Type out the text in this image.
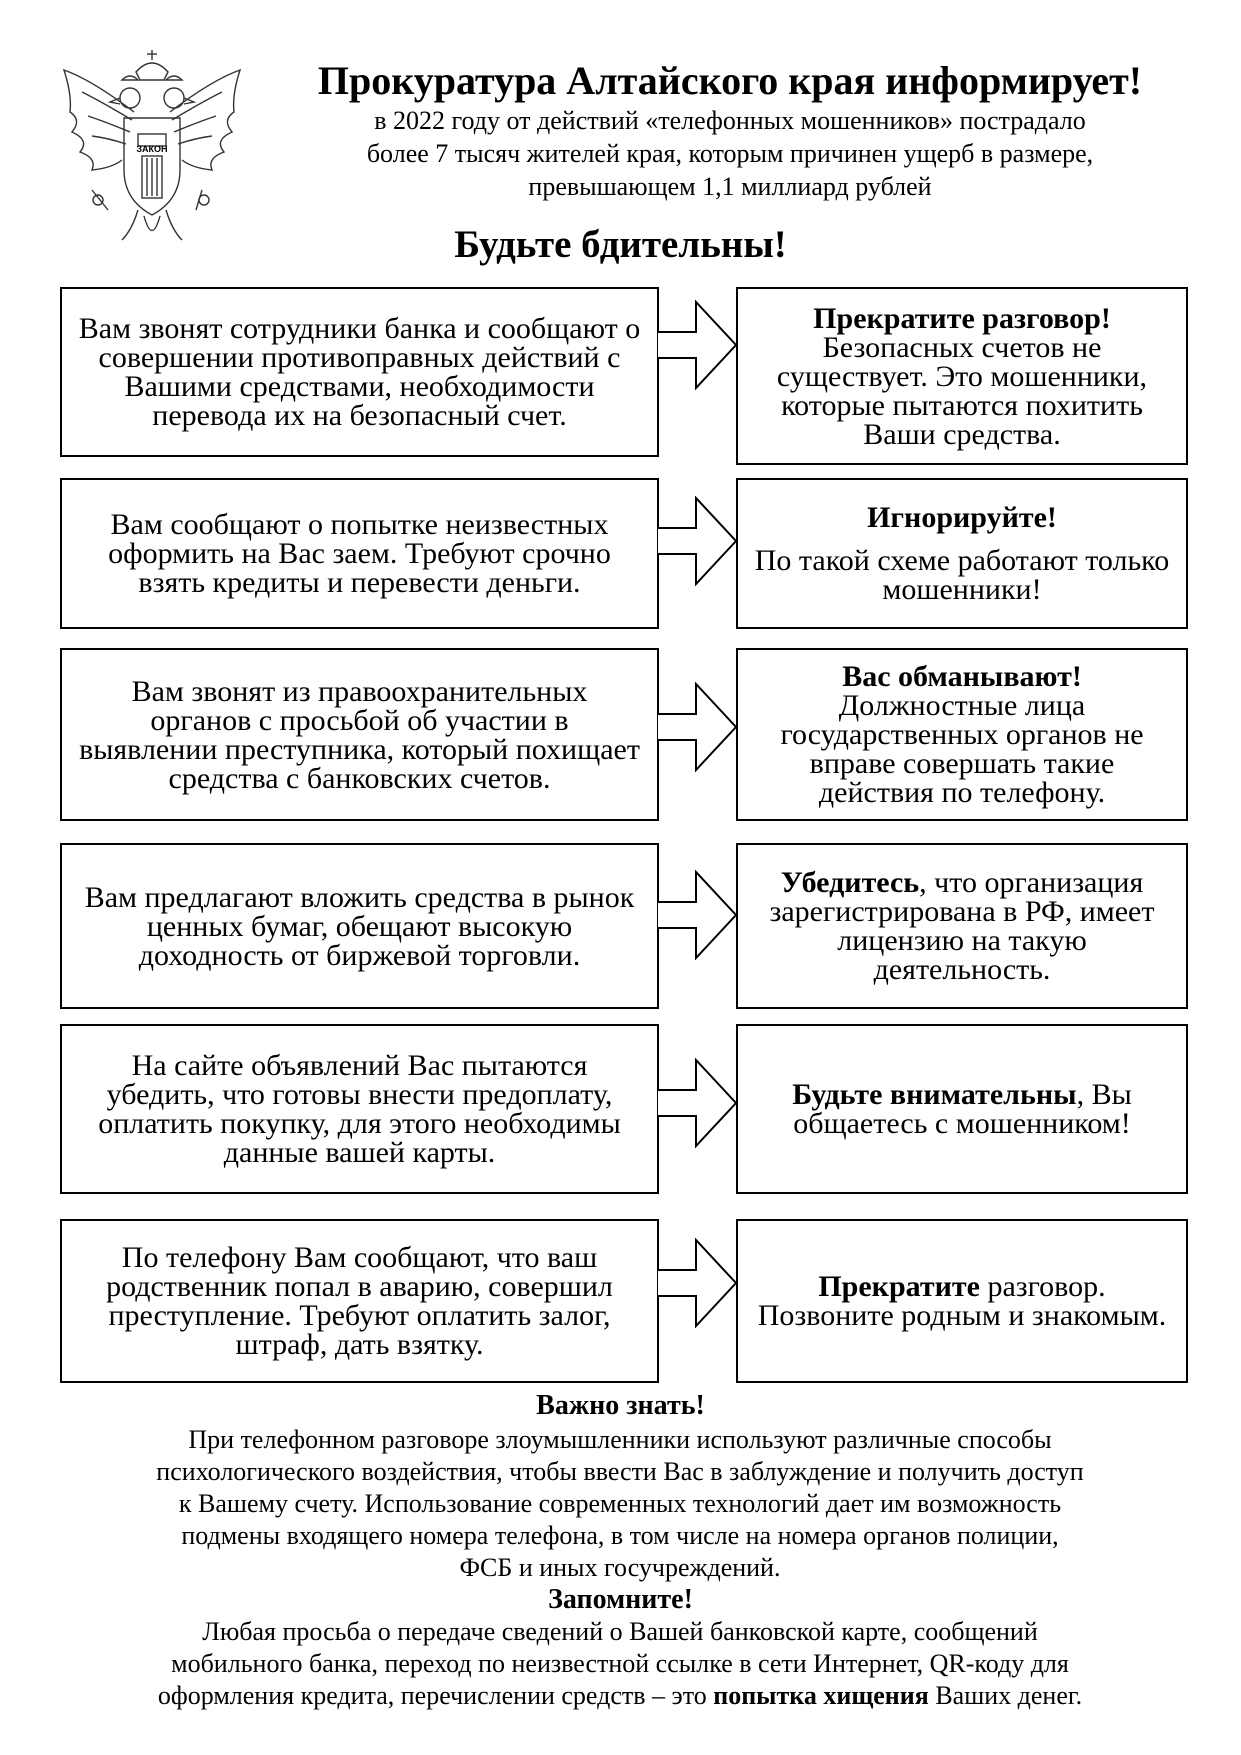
ЗАКОН
Прокуратура Алтайского края информирует!
в 2022 году от действий «телефонных мошенников» пострадало
более 7 тысяч жителей края, которым причинен ущерб в размере,
превышающем 1,1 миллиард рублей
Будьте бдительны!
Вам звонят сотрудники банка и сообщают о совершении противоправных действий с Вашими средствами, необходимости перевода их на безопасный счет.
Прекратите разговор!
Безопасных счетов не существует. Это мошенники, которые пытаются похитить Ваши средства.
Вам сообщают о попытке неизвестных оформить на Вас заем. Требуют срочно взять кредиты и перевести деньги.

Игнорируйте!

По такой схеме работают только мошенники!

Вам звонят из правоохранительных органов с просьбой об участии в выявлении преступника, который похищает средства с банковских счетов.
Вас обманывают!
Должностные лица государственных органов не вправе совершать такие действия по телефону.
Вам предлагают вложить средства в рынок ценных бумаг, обещают высокую доходность от биржевой торговли.
Убедитесь, что организация зарегистрирована в РФ, имеет лицензию на такую деятельность.
На сайте объявлений Вас пытаются убедить, что готовы внести предоплату, оплатить покупку, для этого необходимы данные вашей карты.
Будьте внимательны, Вы общаетесь с мошенником!
По телефону Вам сообщают, что ваш родственник попал в аварию, совершил преступление. Требуют оплатить залог, штраф, дать взятку.
Прекратите разговор. Позвоните родным и знакомым.
Важно знать!
При телефонном разговоре злоумышленники используют различные способы
психологического воздействия, чтобы ввести Вас в заблуждение и получить доступ
к Вашему счету. Использование современных технологий дает им возможность
подмены входящего номера телефона, в том числе на номера органов полиции,
ФСБ и иных госучреждений.
Запомните!
Любая просьба о передаче сведений о Вашей банковской карте, сообщений
мобильного банка, переход по неизвестной ссылке в сети Интернет, QR-коду для
оформления кредита, перечислении средств – это попытка хищения Ваших денег.
